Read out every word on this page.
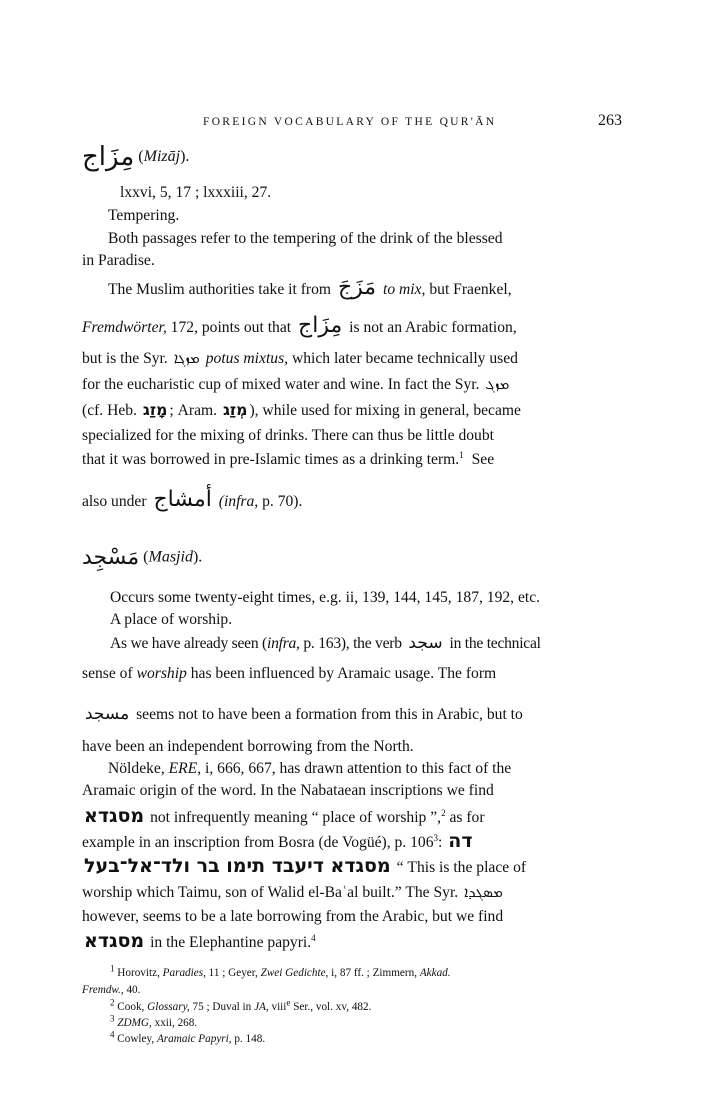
FOREIGN VOCABULARY OF THE QUR'ĀN	263
مِزَاج (Mizāj).
lxxvi, 5, 17 ; lxxxiii, 27.
Tempering.
Both passages refer to the tempering of the drink of the blessed
in Paradise.
The Muslim authorities take it from مَزَجَ to mix, but Fraenkel,
Fremdwörter, 172, points out that مِزَاج is not an Arabic formation,
but is the Syr. ܡܙܓܐ potus mixtus, which later became technically used
for the eucharistic cup of mixed water and wine. In fact the Syr. ܡܙܓ
(cf. Heb. מָזַג ; Aram. מְזַג ), while used for mixing in general, became
specialized for the mixing of drinks. There can thus be little doubt
that it was borrowed in pre-Islamic times as a drinking term.$^1$ See
also under أمشاج (infra, p. 70).
مَسْجِد (Masjid).
Occurs some twenty-eight times, e.g. ii, 139, 144, 145, 187, 192, etc.
A place of worship.
As we have already seen (infra, p. 163), the verb سجد in the technical
sense of worship has been influenced by Aramaic usage. The form
مسجد seems not to have been a formation from this in Arabic, but to
have been an independent borrowing from the North.
Nöldeke, ERE, i, 666, 667, has drawn attention to this fact of the
Aramaic origin of the word. In the Nabataean inscriptions we find
מסגדא not infrequently meaning “ place of worship ”,$^2$ as for
example in an inscription from Bosra (de Vogüé), p. $106^3$: דה
מסגדא דיעבד תימו בר ולד־אל־בעל “ This is the place of
worship which Taimu, son of Walid el-Baʿal built.” The Syr. ܡܣܓܕܐ
however, seems to be a late borrowing from the Arabic, but we find
מסגדא in the Elephantine papyri.$^4$
$^1$ Horovitz, Paradies, 11 ; Geyer, Zwei Gedichte, i, 87 ff. ; Zimmern, Akkad.
Fremdw., 40.
$^2$ Cook, Glossary, 75 ; Duval in JA, viii$^e$ Ser., vol. xv, 482.
$^3$ ZDMG, xxii, 268.
$^4$ Cowley, Aramaic Papyri, p. 148.
